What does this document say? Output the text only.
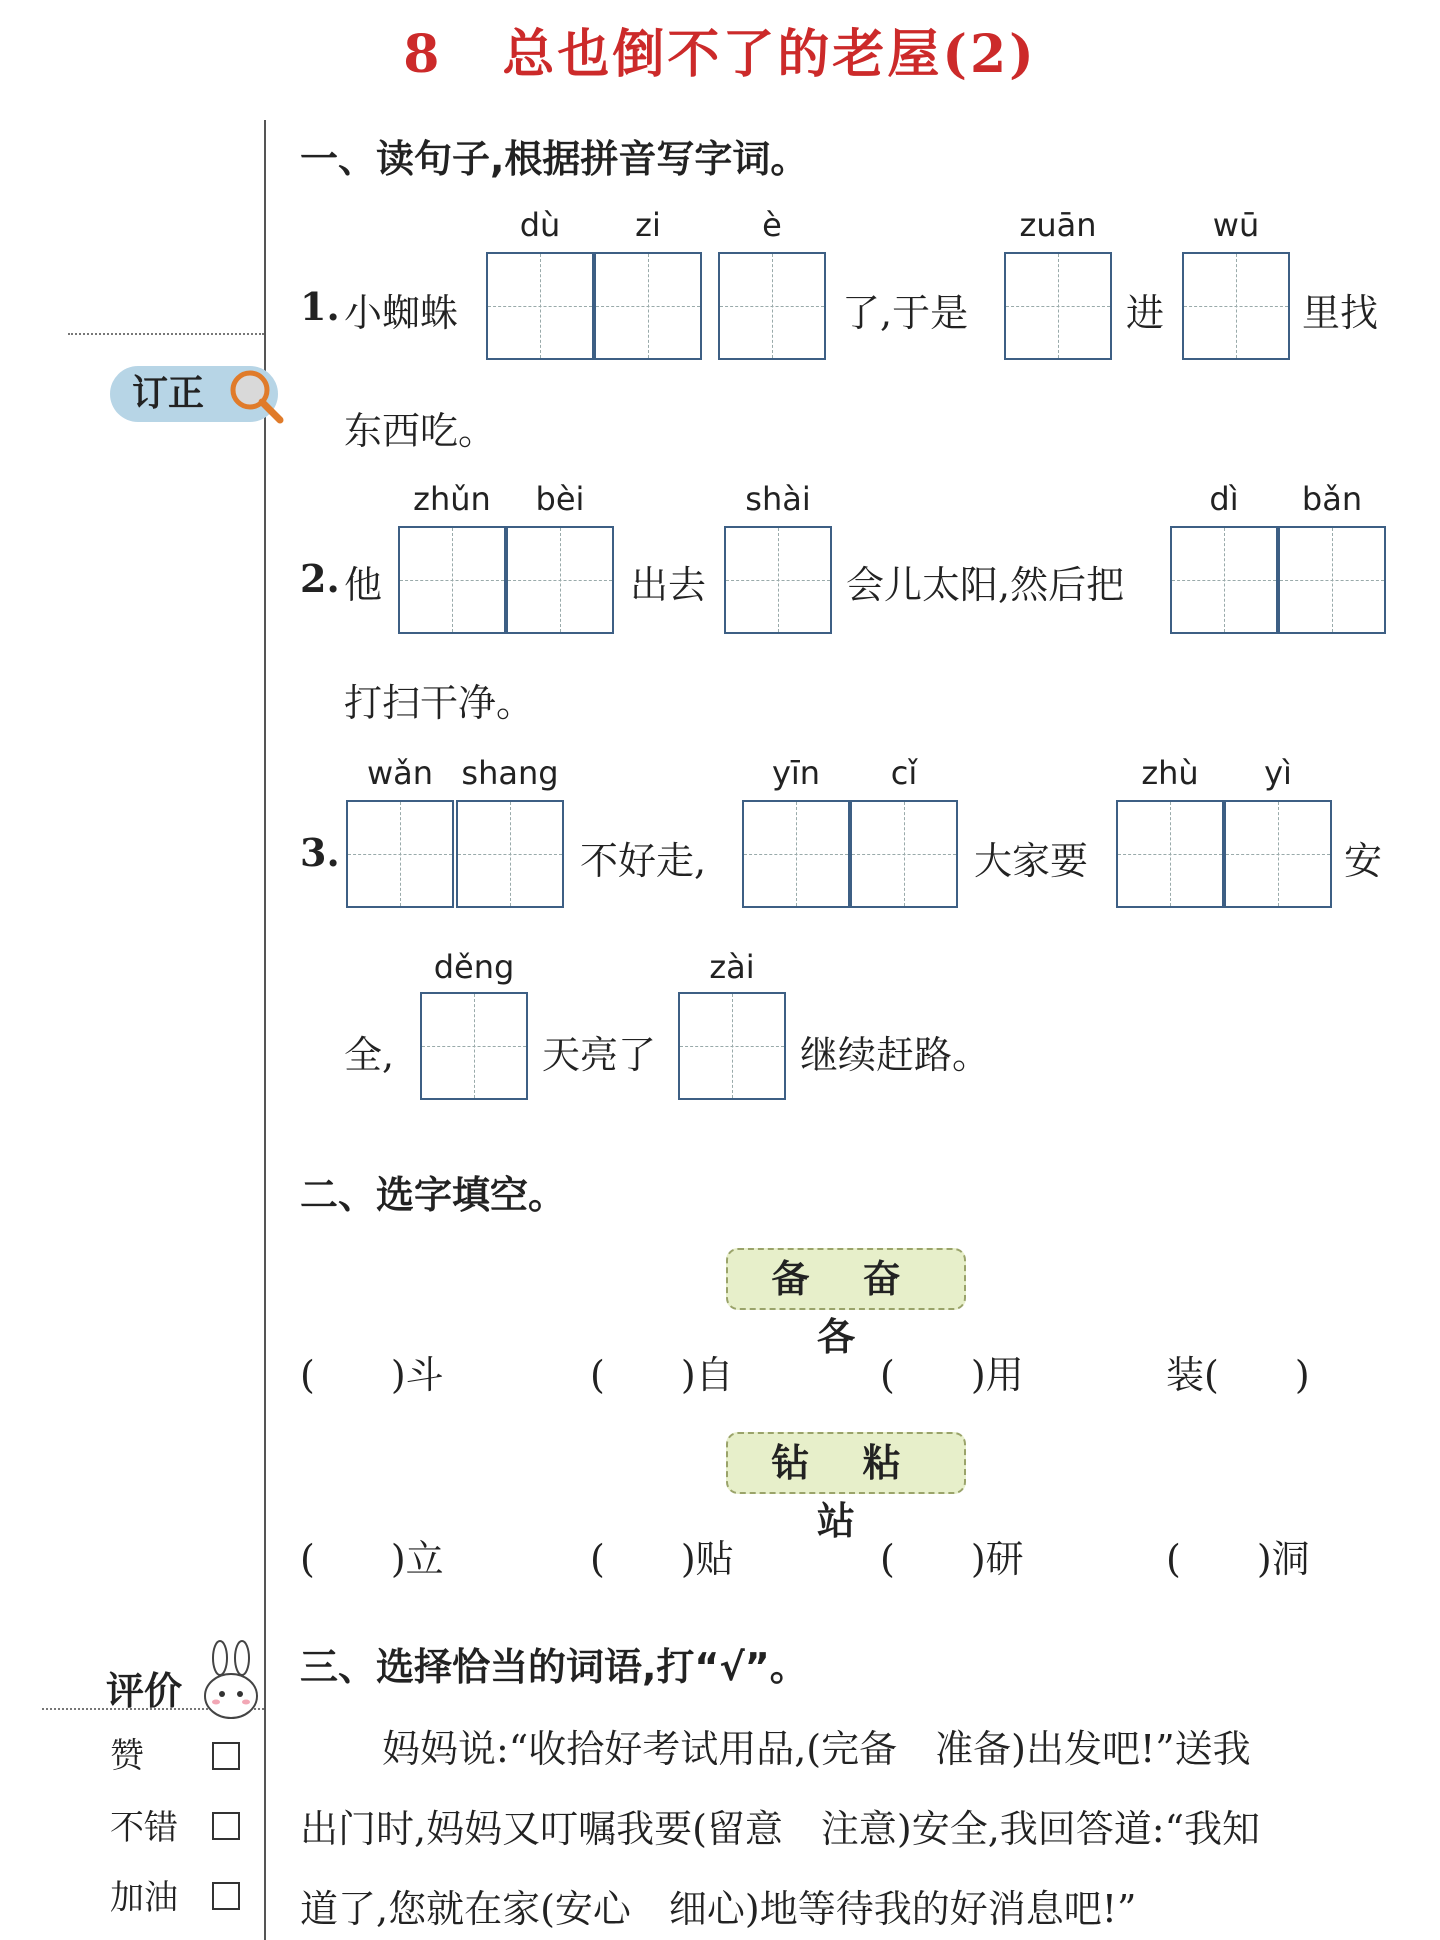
8 总也倒不了的老屋(2)
订正
一、读句子,根据拼音写字词。
1. 小蜘蛛
dù	zi	è	zuān	wū
了,于是	进	里找
东西吃。
2. 他
zhǔn	bèi	shài	dì	bǎn
出去	会儿太阳,然后把
打扫干净。
3.
wǎn shang	yīn	cǐ	zhù	yì
不好走,	大家要	安
全,
děng
天亮了
zài
继续赶路。
二、选字填空。
备 奋 各
(　　)斗	(　　)自	(　　)用	装(　　)
钻 粘 站
(　　)立	(　　)贴	(　　)研	(　　)洞
三、选择恰当的词语,打“√”。
妈妈说:“收拾好考试用品,(完备　准备)出发吧!”送我
出门时,妈妈又叮嘱我要(留意　注意)安全,我回答道:“我知
道了,您就在家(安心　细心)地等待我的好消息吧!”
评价
赞
不错
加油
